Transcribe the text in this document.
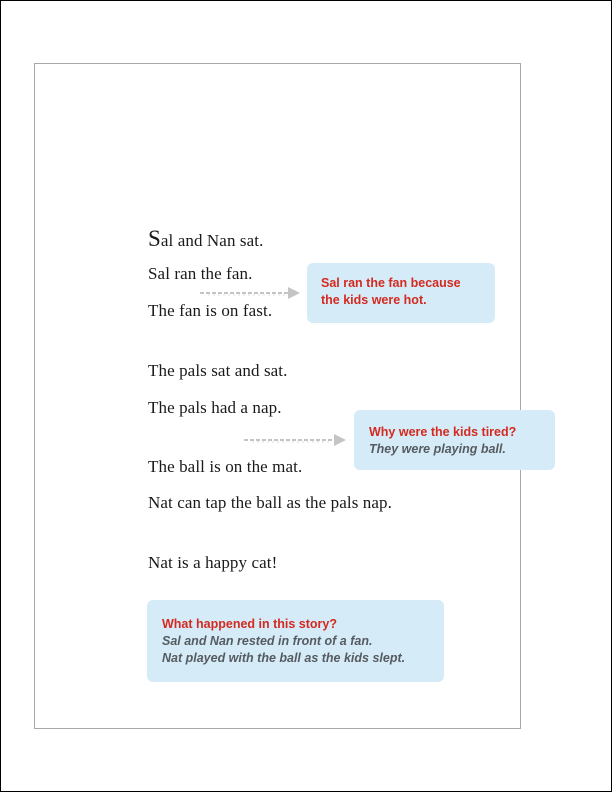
Sal and Nan sat.

Sal ran the fan.

The fan is on fast.

The pals sat and sat.

The pals had a nap.

The ball is on the mat.

Nat can tap the ball as the pals nap.

Nat is a happy cat!

Sal ran the fan because
the kids were hot.
Why were the kids tired?
They were playing ball.
What happened in this story?
Sal and Nan rested in front of a fan.
Nat played with the ball as the kids slept.
